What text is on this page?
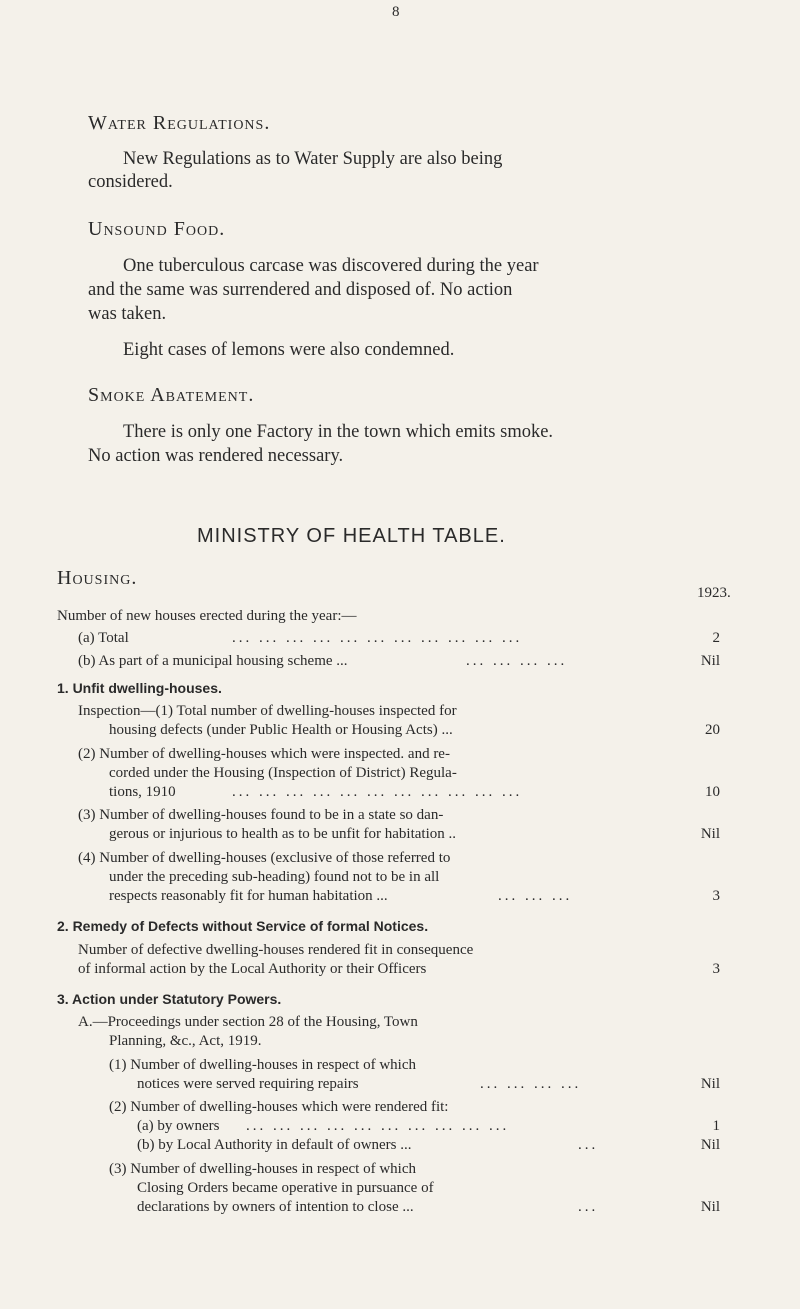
8
Water Regulations.
New Regulations as to Water Supply are also being
considered.
Unsound Food.
One tuberculous carcase was discovered during the year
and the same was surrendered and disposed of. No action
was taken.
Eight cases of lemons were also condemned.
Smoke Abatement.
There is only one Factory in the town which emits smoke.
No action was rendered necessary.
MINISTRY OF HEALTH TABLE.
Housing.
1923.
Number of new houses erected during the year:—
(a) Total	... ... ... ... ... ... ... ... ... ... ...	2
(b) As part of a municipal housing scheme ...	... ... ... ...	Nil
1. Unfit dwelling-houses.
Inspection—(1) Total number of dwelling-houses inspected for
housing defects (under Public Health or Housing Acts) ...	20
(2) Number of dwelling-houses which were inspected. and re-
corded under the Housing (Inspection of District) Regula-
tions, 1910	... ... ... ... ... ... ... ... ... ... ...	10
(3) Number of dwelling-houses found to be in a state so dan-
gerous or injurious to health as to be unfit for habitation ..	Nil
(4) Number of dwelling-houses (exclusive of those referred to
under the preceding sub-heading) found not to be in all
respects reasonably fit for human habitation ...	... ... ...	3
2. Remedy of Defects without Service of formal Notices.
Number of defective dwelling-houses rendered fit in consequence
of informal action by the Local Authority or their Officers	3
3. Action under Statutory Powers.
A.—Proceedings under section 28 of the Housing, Town
Planning, &c., Act, 1919.
(1) Number of dwelling-houses in respect of which
notices were served requiring repairs	... ... ... ...	Nil
(2) Number of dwelling-houses which were rendered fit:
(a) by owners ... ... ... ... ... ... ... ... ... ...	1
(b) by Local Authority in default of owners ...	...	Nil
(3) Number of dwelling-houses in respect of which
Closing Orders became operative in pursuance of
declarations by owners of intention to close ...	...	Nil
